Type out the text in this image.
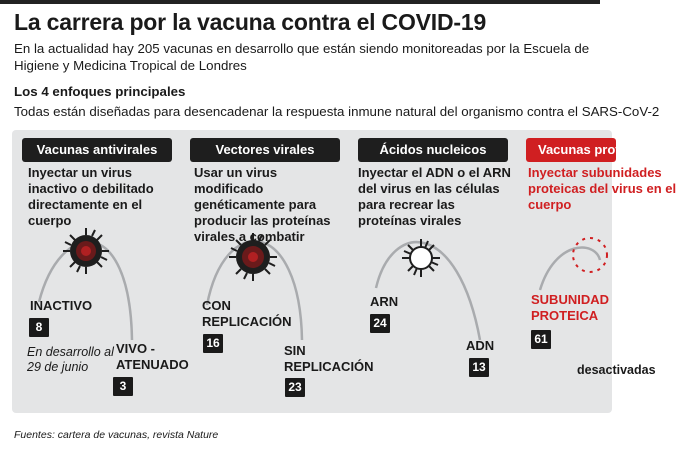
La carrera por la vacuna contra el COVID-19
En la actualidad hay 205 vacunas en desarrollo que están siendo monitoreadas por la Escuela de Higiene y Medicina Tropical de Londres
Los 4 enfoques principales
Todas están diseñadas para desencadenar la respuesta inmune natural del organismo contra el SARS-CoV-2
Vacunas antivirales
Inyectar un virus inactivo o debilitado directamente en el cuerpo
INACTIVO
8
VIVO - ATENUADO
3
En desarrollo al 29 de junio
Vectores virales
Usar un virus modificado genéticamente para producir las proteínas virales a combatir
CON REPLICACIÓN
16	SIN REPLICACIÓN
23
Ácidos nucleicos
Inyectar el ADN o el ARN del virus en las células para recrear las proteínas virales
ARN
24
ADN
13
Vacunas proteicas
Inyectar subunidades proteicas del virus en el cuerpo
SUBUNIDAD PROTEICA
61
desactivadas
Fuentes: cartera de vacunas, revista Nature
